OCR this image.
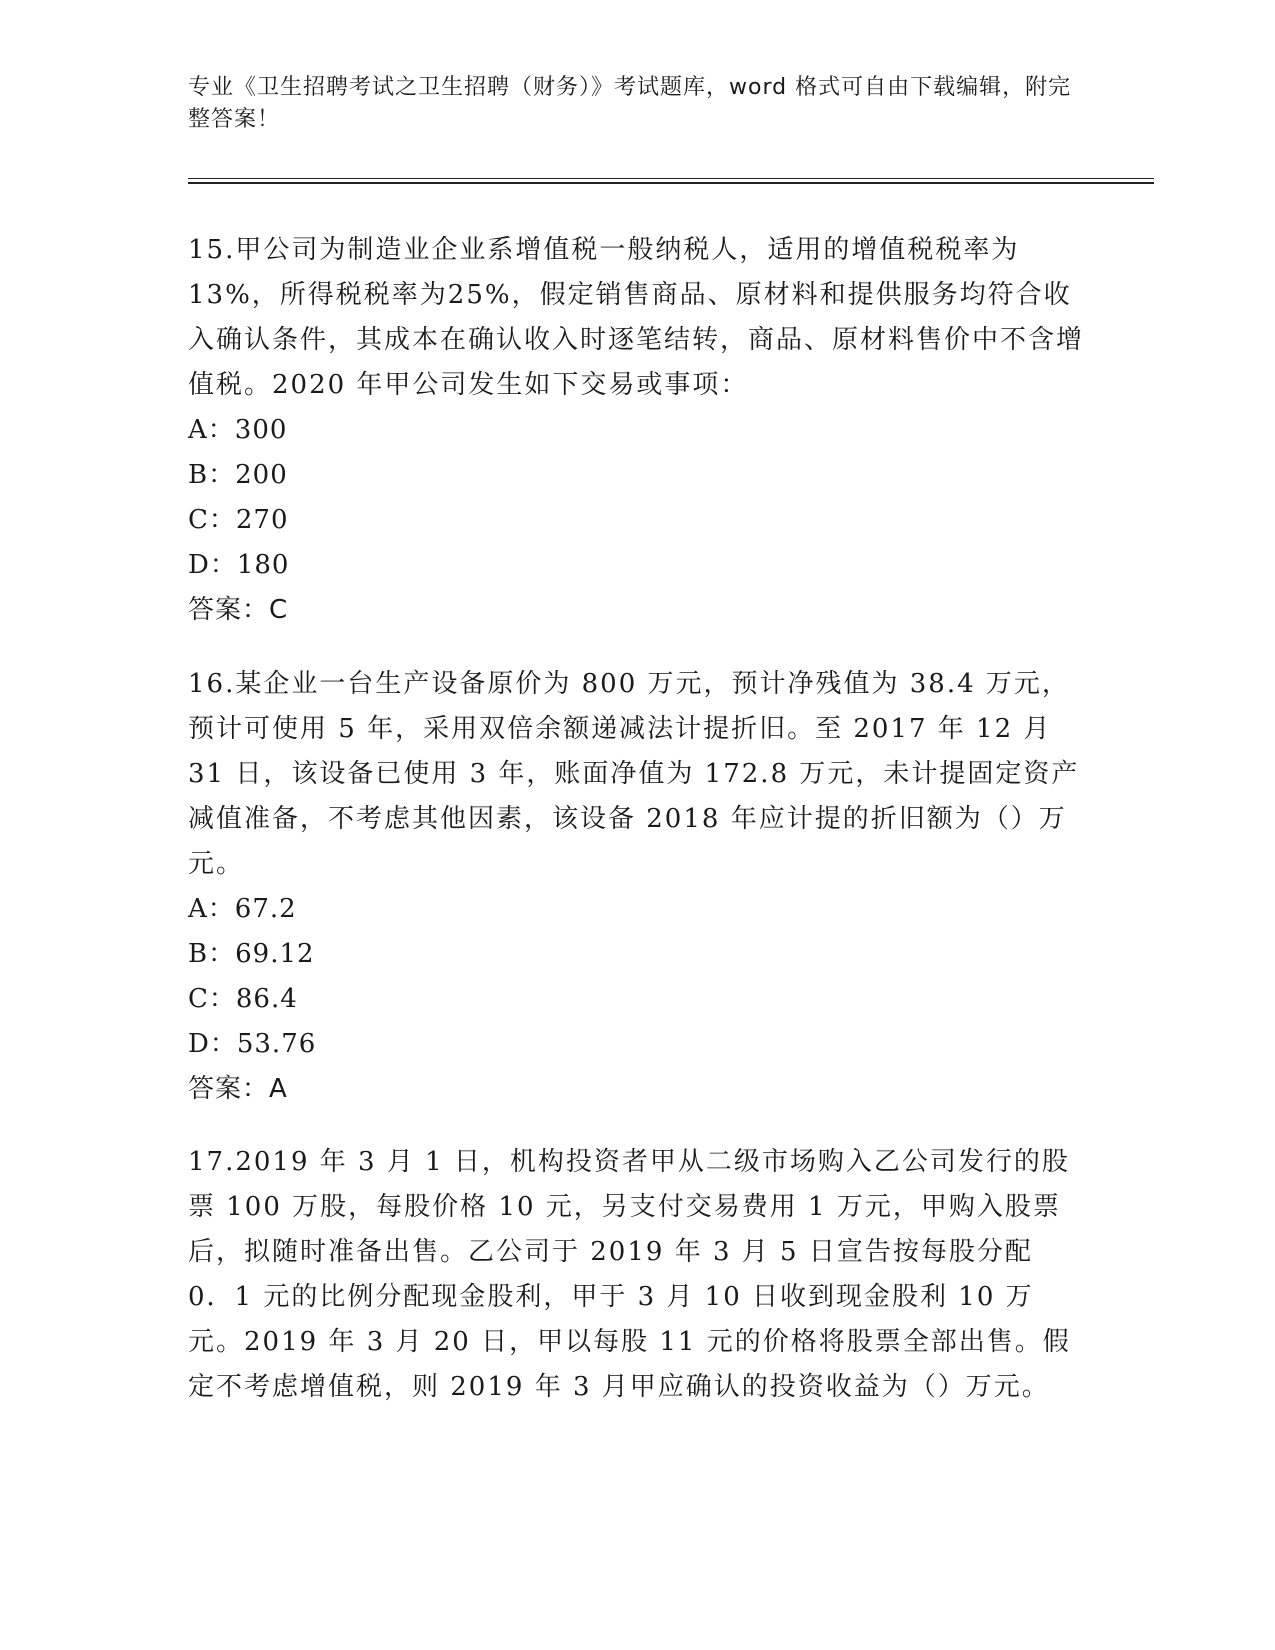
专业《卫生招聘考试之卫生招聘（财务）》考试题库，word 格式可自由下载编辑，附完整答案！

15.甲公司为制造业企业系增值税一般纳税人，适用的增值税税率为13%，所得税税率为25%，假定销售商品、原材料和提供服务均符合收入确认条件，其成本在确认收入时逐笔结转，商品、原材料售价中不含增值税。2020 年甲公司发生如下交易或事项：

A：300

B：200

C：270

D：180

答案：C

16.某企业一台生产设备原价为 800 万元，预计净残值为 38.4 万元，预计可使用 5 年，采用双倍余额递减法计提折旧。至 2017 年 12 月 31 日，该设备已使用 3 年，账面净值为 172.8 万元，未计提固定资产减值准备，不考虑其他因素，该设备 2018 年应计提的折旧额为（）万元。

A：67.2

B：69.12

C：86.4

D：53.76

答案：A

17.2019 年 3 月 1 日，机构投资者甲从二级市场购入乙公司发行的股票 100 万股，每股价格 10 元，另支付交易费用 1 万元，甲购入股票后，拟随时准备出售。乙公司于 2019 年 3 月 5 日宣告按每股分配 0．1 元的比例分配现金股利，甲于 3 月 10 日收到现金股利 10 万元。2019 年 3 月 20 日，甲以每股 11 元的价格将股票全部出售。假定不考虑增值税，则 2019 年 3 月甲应确认的投资收益为（）万元。
